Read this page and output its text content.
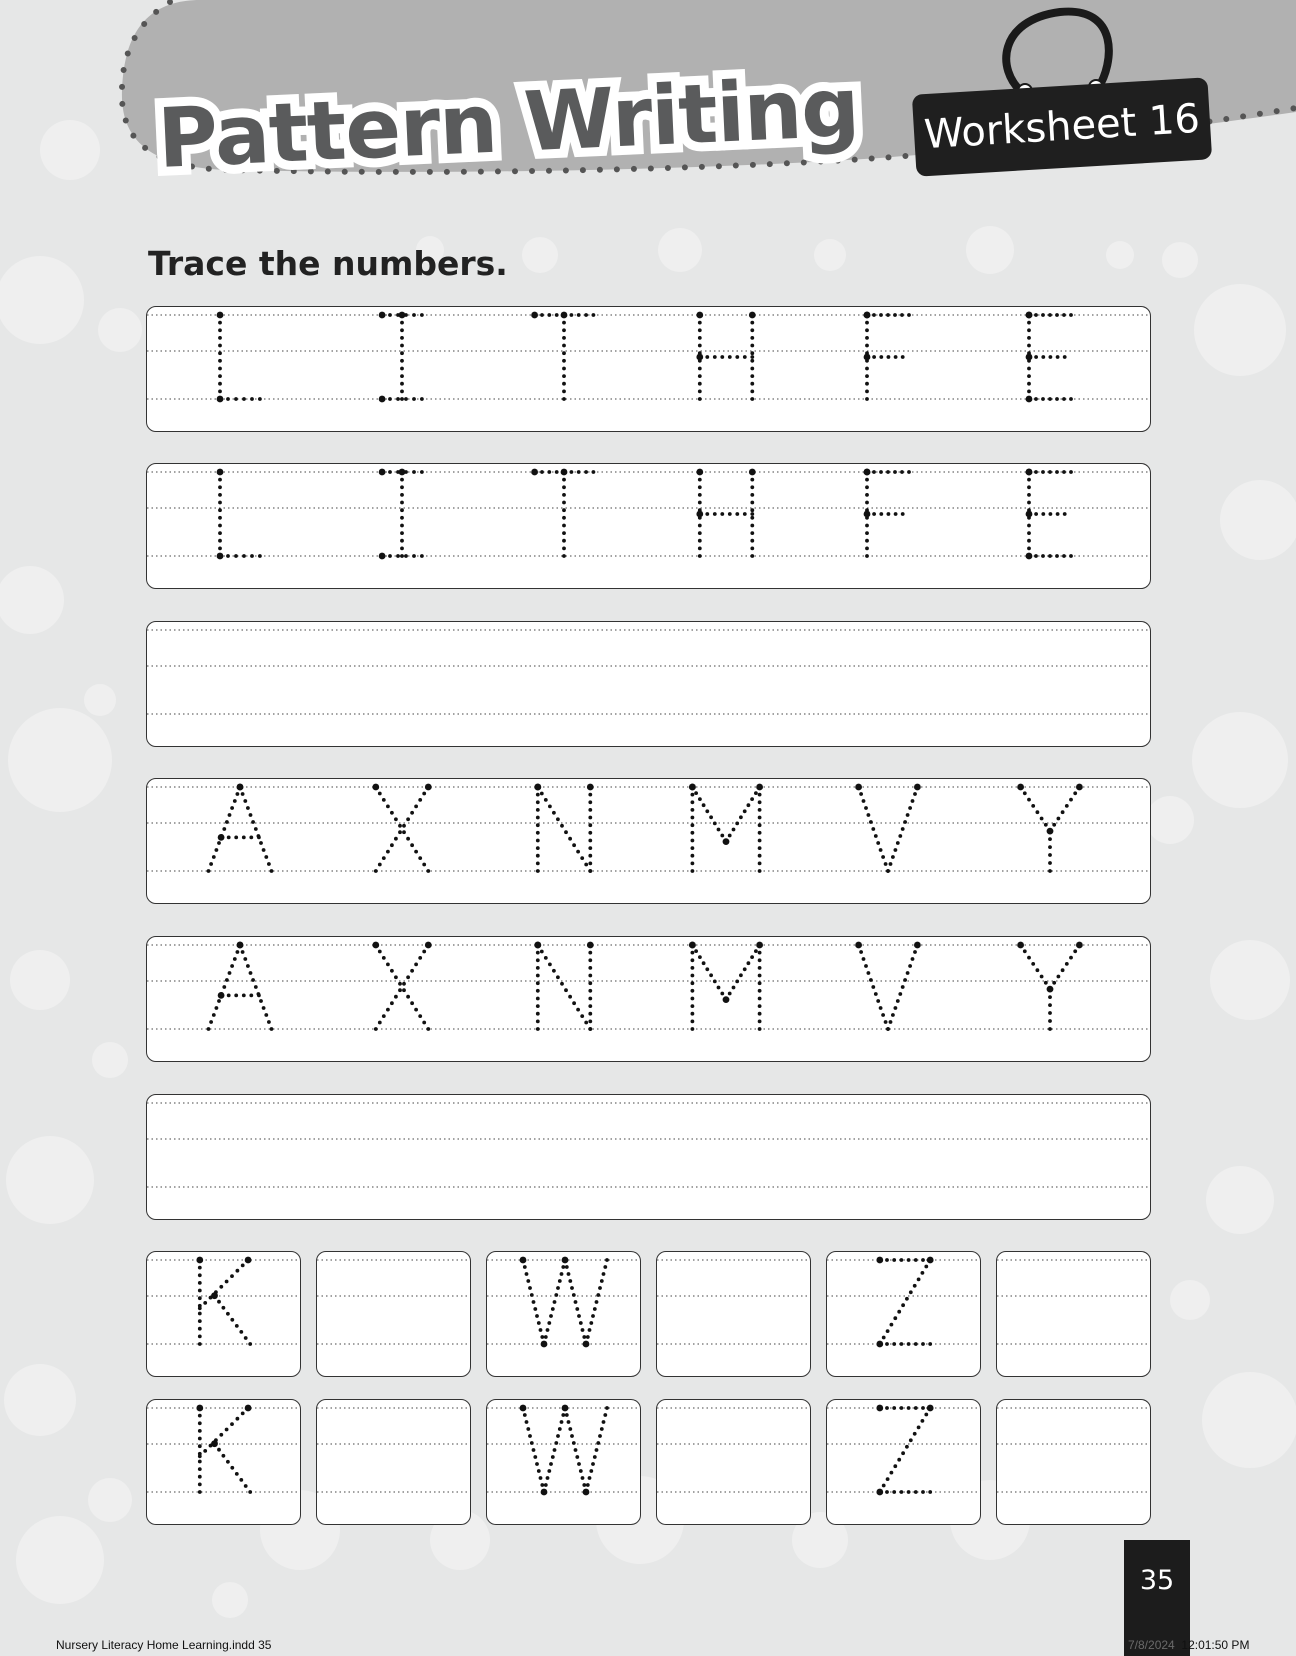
Pattern Writing Worksheet 16

Trace the numbers.

35
Nursery Literacy Home Learning.indd 35	7/8/2024 12:01:50 PM
